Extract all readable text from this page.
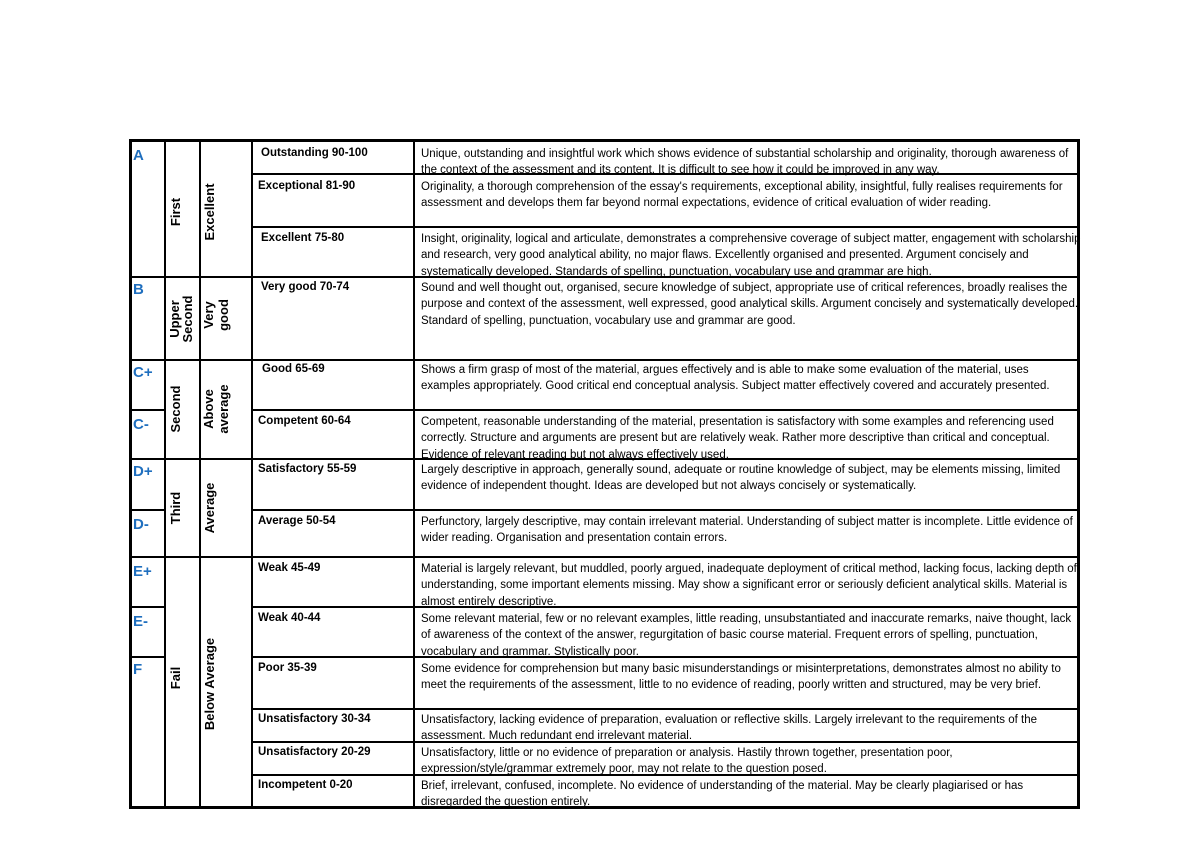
A
B
C+
C-
D+
D-
E+
E-
F
First
Upper
Second
Second
Third
Fail
Excellent
Very
good
Above
average
Average
Below Average
Outstanding 90-100
Exceptional 81-90
Excellent 75-80
Very good 70-74
Good 65-69
Competent 60-64
Satisfactory 55-59
Average 50-54
Weak 45-49
Weak 40-44
Poor 35-39
Unsatisfactory 30-34
Unsatisfactory 20-29
Incompetent 0-20
Unique, outstanding and insightful work which shows evidence of substantial scholarship and originality, thorough awareness of the context of the assessment and its content. It is difficult to see how it could be improved in any way.
Originality, a thorough comprehension of the essay's requirements, exceptional ability, insightful, fully realises requirements for assessment and develops them far beyond normal expectations, evidence of critical evaluation of wider reading.
Insight, originality, logical and articulate, demonstrates a comprehensive coverage of subject matter, engagement with scholarship and research, very good analytical ability, no major flaws. Excellently organised and presented. Argument concisely and systematically developed. Standards of spelling, punctuation, vocabulary use and grammar are high.
Sound and well thought out, organised, secure knowledge of subject, appropriate use of critical references, broadly realises the purpose and context of the assessment, well expressed, good analytical skills. Argument concisely and systematically developed. Standard of spelling, punctuation, vocabulary use and grammar are good.
Shows a firm grasp of most of the material, argues effectively and is able to make some evaluation of the material, uses examples appropriately. Good critical end conceptual analysis. Subject matter effectively covered and accurately presented.
Competent, reasonable understanding of the material, presentation is satisfactory with some examples and referencing used correctly. Structure and arguments are present but are relatively weak. Rather more descriptive than critical and conceptual. Evidence of relevant reading but not always effectively used.
Largely descriptive in approach, generally sound, adequate or routine knowledge of subject, may be elements missing, limited evidence of independent thought. Ideas are developed but not always concisely or systematically.
Perfunctory, largely descriptive, may contain irrelevant material. Understanding of subject matter is incomplete. Little evidence of wider reading. Organisation and presentation contain errors.
Material is largely relevant, but muddled, poorly argued, inadequate deployment of critical method, lacking focus, lacking depth of understanding, some important elements missing. May show a significant error or seriously deficient analytical skills. Material is almost entirely descriptive.
Some relevant material, few or no relevant examples, little reading, unsubstantiated and inaccurate remarks, naive thought, lack of awareness of the context of the answer, regurgitation of basic course material. Frequent errors of spelling, punctuation, vocabulary and grammar. Stylistically poor.
Some evidence for comprehension but many basic misunderstandings or misinterpretations, demonstrates almost no ability to meet the requirements of the assessment, little to no evidence of reading, poorly written and structured, may be very brief.
Unsatisfactory, lacking evidence of preparation, evaluation or reflective skills. Largely irrelevant to the requirements of the assessment. Much redundant end irrelevant material.
Unsatisfactory, little or no evidence of preparation or analysis. Hastily thrown together, presentation poor, expression/style/grammar extremely poor, may not relate to the question posed.
Brief, irrelevant, confused, incomplete. No evidence of understanding of the material. May be clearly plagiarised or has disregarded the question entirely.
